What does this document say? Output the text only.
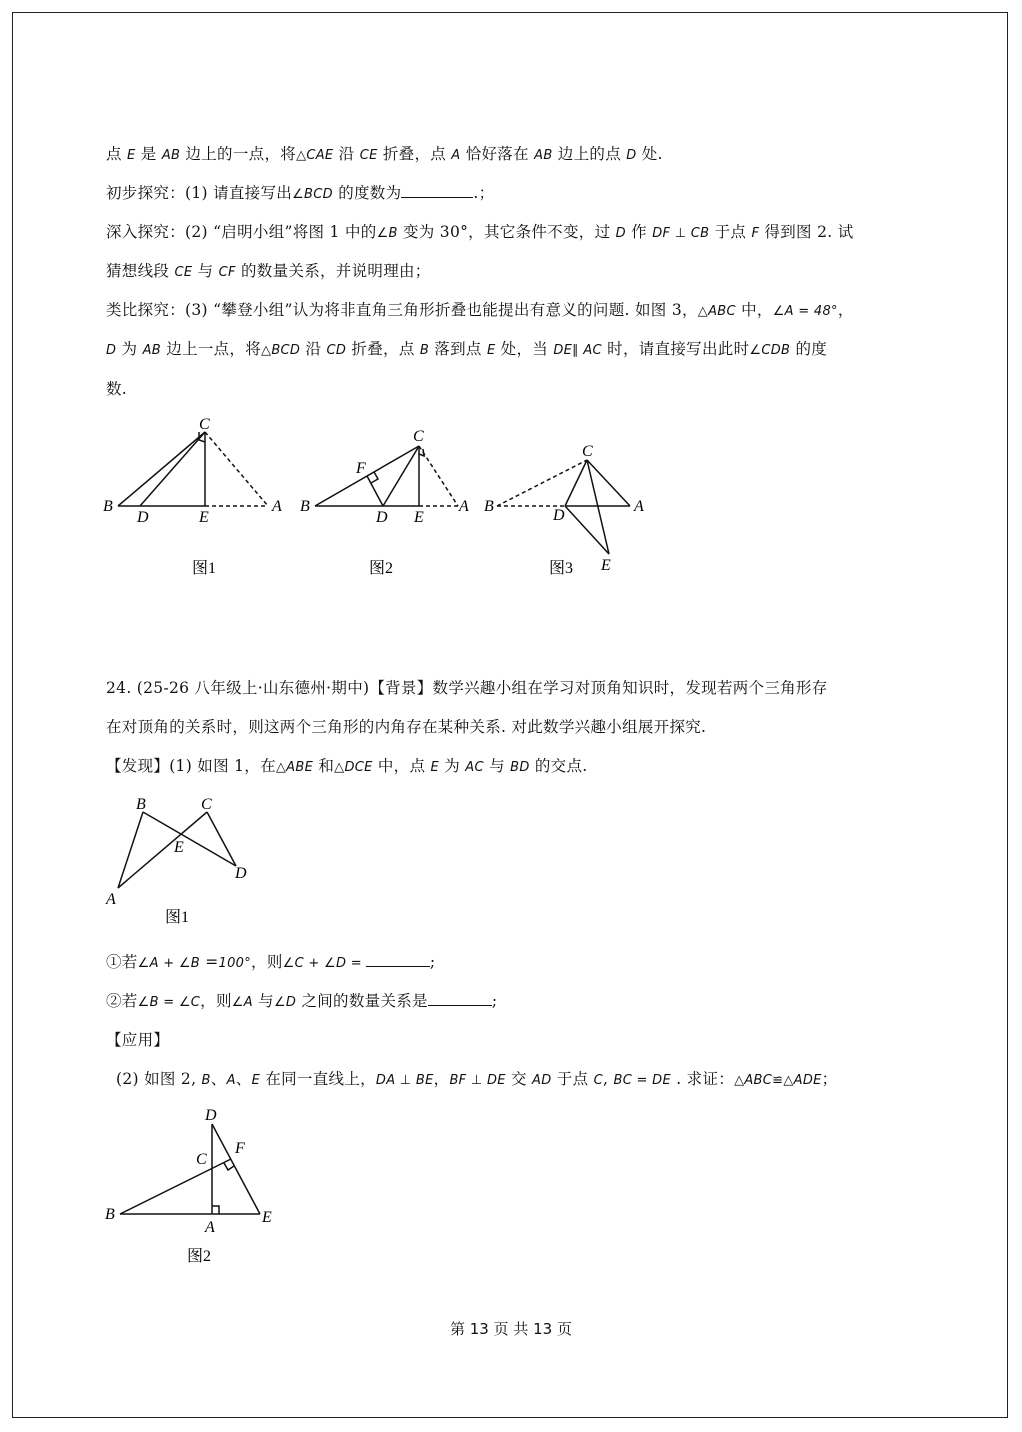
点 E 是 AB 边上的一点，将△CAE 沿 CE 折叠，点 A 恰好落在 AB 边上的点 D 处.
初步探究：(1) 请直接写出∠BCD 的度数为	.；
深入探究：(2) “启明小组”将图 1 中的∠B 变为 30°，其它条件不变，过 D 作 DF ⊥ CB 于点 F 得到图 2. 试
猜想线段 CE 与 CF 的数量关系，并说明理由；
类比探究：(3) “攀登小组”认为将非直角三角形折叠也能提出有意义的问题. 如图 3，△ABC 中，∠A = 48°，
D 为 AB 边上一点，将△BCD 沿 CD 折叠，点 B 落到点 E 处，当 DE∥ AC 时，请直接写出此时∠CDB 的度
数.
C
B
D	E
A
图1
C
F
B
D E
A
图2
C
B
D
A
E
图3
24. (25-26 八年级上·山东德州·期中)【背景】数学兴趣小组在学习对顶角知识时，发现若两个三角形存
在对顶角的关系时，则这两个三角形的内角存在某种关系. 对此数学兴趣小组展开探究.
【发现】(1) 如图 1，在△ABE 和△DCE 中，点 E 为 AC 与 BD 的交点.
①若∠A + ∠B =100°，则∠C + ∠D =	;
②若∠B = ∠C，则∠A 与∠D 之间的数量关系是	;
【应用】
(2) 如图 2, B、A、E 在同一直线上，DA ⊥ BE，BF ⊥ DE 交 AD 于点 C, BC = DE . 求证：△ABC≌△ADE；
B	C
E
D
A
图1
D
F
C
B
A
E
图2
第 13 页 共 13 页
